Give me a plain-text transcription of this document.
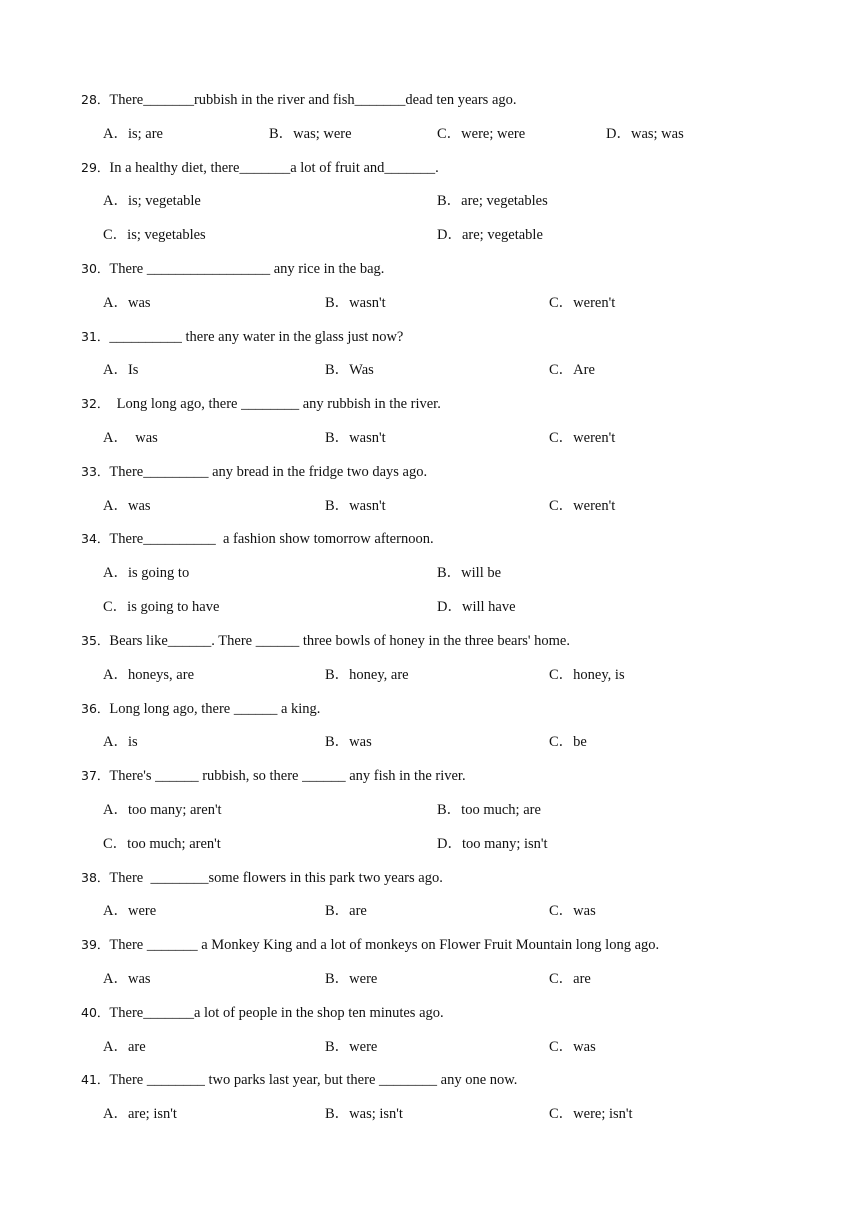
28．There_______rubbish in the river and fish_______dead ten years ago.
A．is; are	B．was; were	C．were; were	D．was; was
29．In a healthy diet, there_______a lot of fruit and_______.
A．is; vegetable	B．are; vegetables
C．is; vegetables	D．are; vegetable
30．There _________________ any rice in the bag.
A．was	B．wasn't	C．weren't
31．__________ there any water in the glass just now?
A．Is	B．Was	C．Are
32．  Long long ago, there ________ any rubbish in the river.
A．  was	B．wasn't	C．weren't
33．There_________ any bread in the fridge two days ago.
A．was	B．wasn't	C．weren't
34．There__________  a fashion show tomorrow afternoon.
A．is going to	B．will be
C．is going to have	D．will have
35．Bears like______. There ______ three bowls of honey in the three bears' home.
A．honeys, are	B．honey, are	C．honey, is
36．Long long ago, there ______ a king.
A．is	B．was	C．be
37．There's ______ rubbish, so there ______ any fish in the river.
A．too many; aren't	B．too much; are
C．too much; aren't	D．too many; isn't
38．There  ________some flowers in this park two years ago.
A．were	B．are	C．was
39．There _______ a Monkey King and a lot of monkeys on Flower Fruit Mountain long long ago.
A．was	B．were	C．are
40．There_______a lot of people in the shop ten minutes ago.
A．are	B．were	C．was
41．There ________ two parks last year, but there ________ any one now.
A．are; isn't	B．was; isn't	C．were; isn't
